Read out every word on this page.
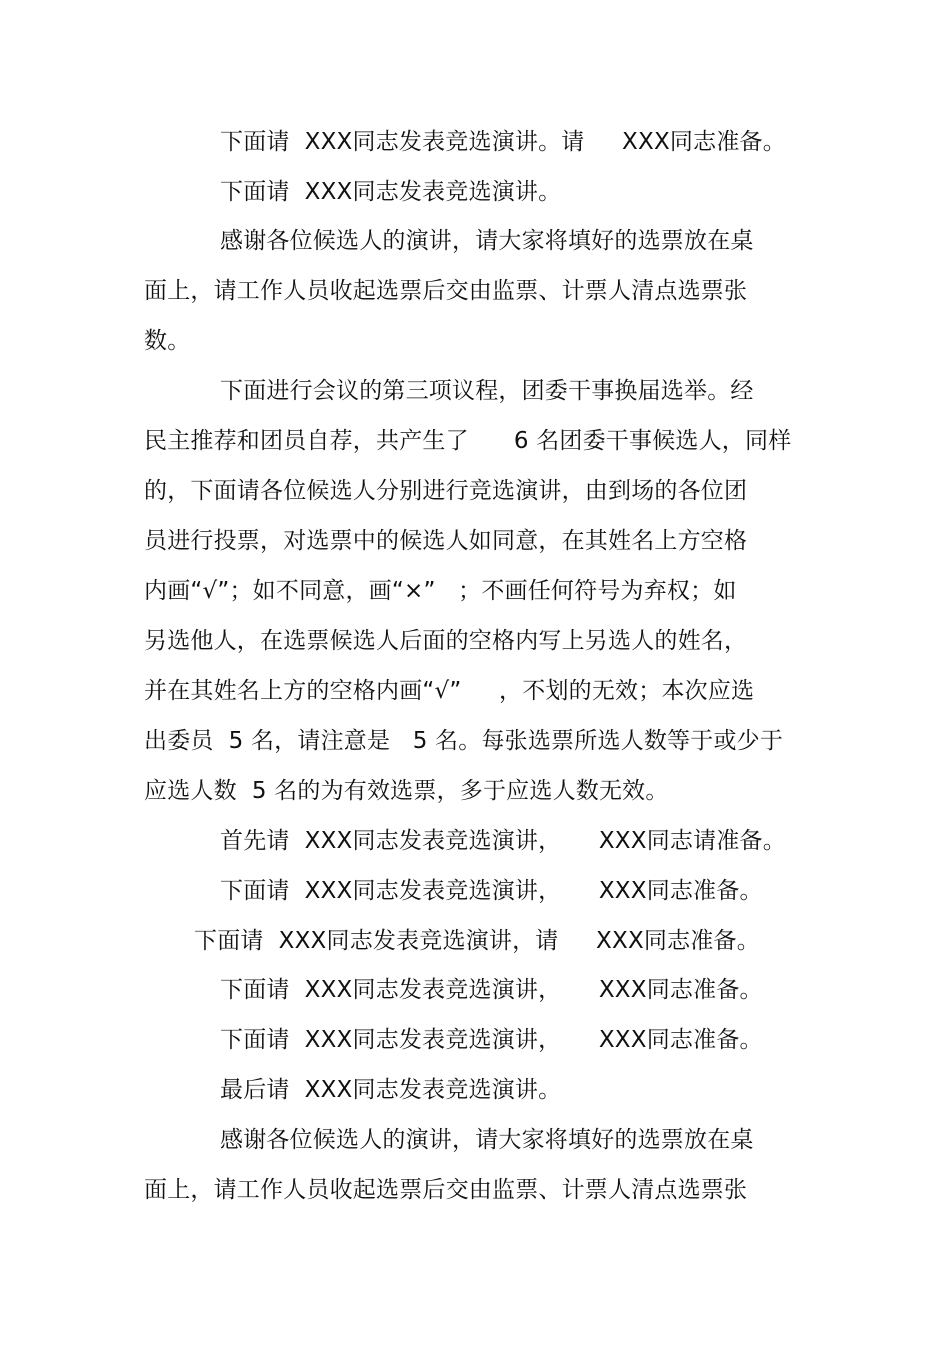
下面请  XXX同志发表竞选演讲。请     XXX同志准备。
下面请  XXX同志发表竞选演讲。
感谢各位候选人的演讲，请大家将填好的选票放在桌
面上，请工作人员收起选票后交由监票、计票人清点选票张
数。
下面进行会议的第三项议程，团委干事换届选举。经
民主推荐和团员自荐，共产生了      6 名团委干事候选人，同样
的，下面请各位候选人分别进行竞选演讲，由到场的各位团
员进行投票，对选票中的候选人如同意，在其姓名上方空格
内画“√”；如不同意，画“×”   ；不画任何符号为弃权；如
另选他人，在选票候选人后面的空格内写上另选人的姓名，
并在其姓名上方的空格内画“√”     ，不划的无效；本次应选
出委员  5 名，请注意是   5 名。每张选票所选人数等于或少于
应选人数  5 名的为有效选票，多于应选人数无效。
首先请  XXX同志发表竞选演讲，     XXX同志请准备。
下面请  XXX同志发表竞选演讲，     XXX同志准备。
下面请  XXX同志发表竞选演讲，请     XXX同志准备。
下面请  XXX同志发表竞选演讲，     XXX同志准备。
下面请  XXX同志发表竞选演讲，     XXX同志准备。
最后请  XXX同志发表竞选演讲。
感谢各位候选人的演讲，请大家将填好的选票放在桌
面上，请工作人员收起选票后交由监票、计票人清点选票张
